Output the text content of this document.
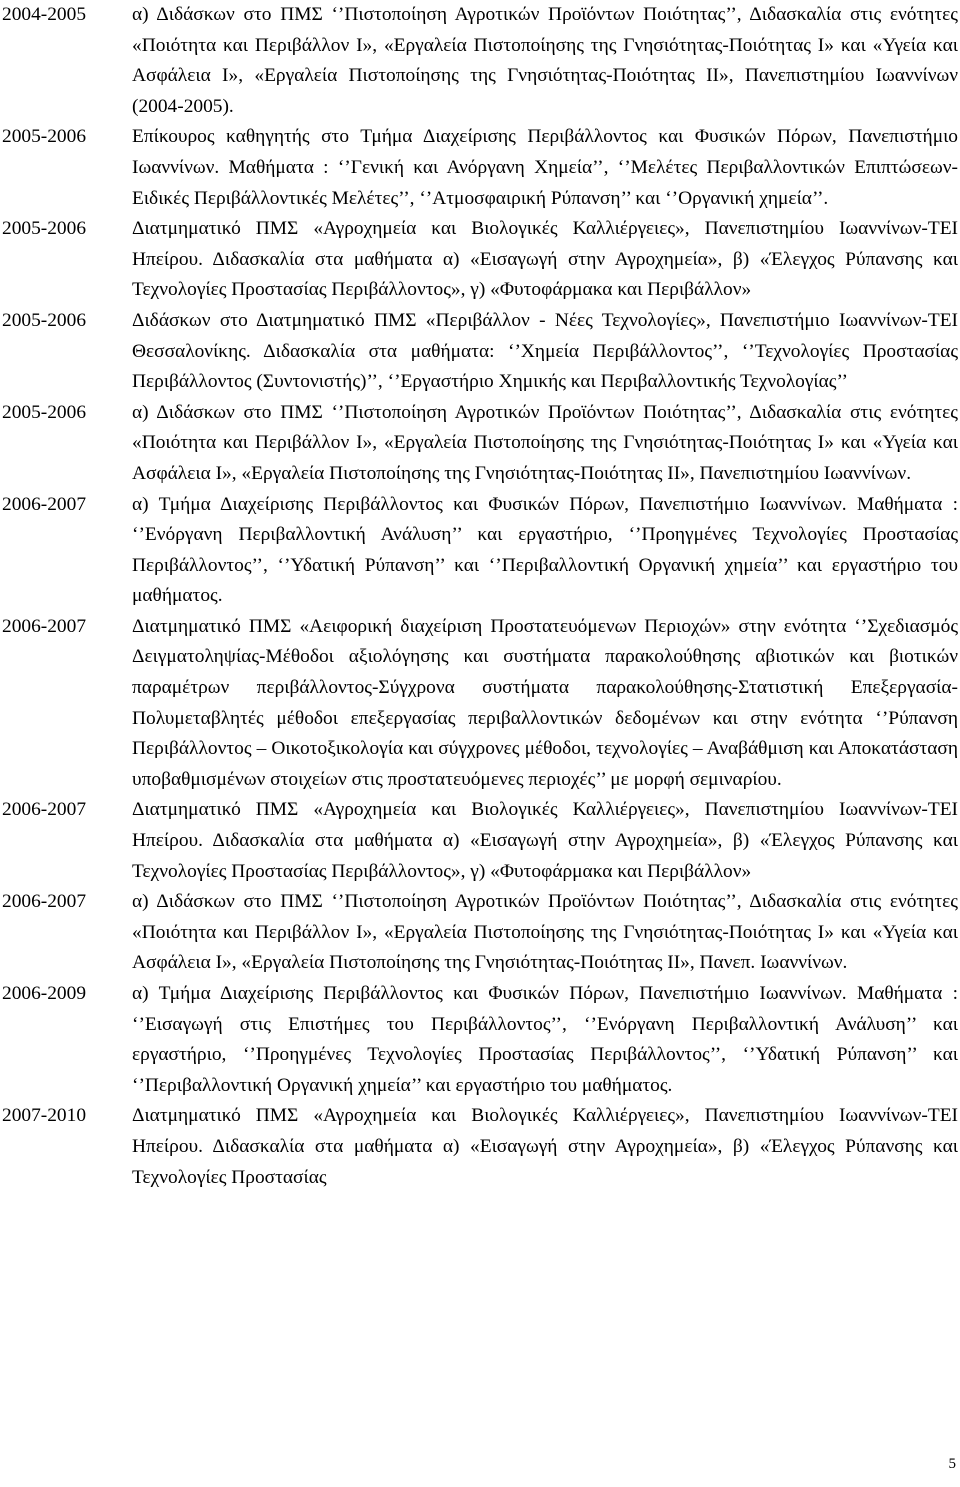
2004-2005	α) Διδάσκων στο ΠΜΣ ‘’Πιστοποίηση Αγροτικών Προϊόντων Ποιότητας’’, Διδασκαλία στις ενότητες «Ποιότητα και Περιβάλλον Ι», «Εργαλεία Πιστοποίησης της Γνησιότητας-Ποιότητας Ι» και «Υγεία και Ασφάλεια Ι», «Εργαλεία Πιστοποίησης της Γνησιότητας-Ποιότητας ΙΙ», Πανεπιστημίου Ιωαννίνων (2004-2005).
2005-2006	Επίκουρος καθηγητής στο Τμήμα Διαχείρισης Περιβάλλοντος και Φυσικών Πόρων, Πανεπιστήμιο Ιωαννίνων. Μαθήματα : ‘’Γενική και Ανόργανη Χημεία’’, ‘’Μελέτες Περιβαλλοντικών Επιπτώσεων-Ειδικές Περιβάλλοντικές Μελέτες’’, ‘’Ατμοσφαιρική Ρύπανση’’ και ‘’Οργανική χημεία’’.
2005-2006	Διατμηματικό ΠΜΣ «Αγροχημεία και Βιολογικές Καλλιέργειες», Πανεπιστημίου Ιωαννίνων-ΤΕΙ Ηπείρου. Διδασκαλία στα μαθήματα α) «Εισαγωγή στην Αγροχημεία», β) «Έλεγχος Ρύπανσης και Τεχνολογίες Προστασίας Περιβάλλοντος», γ) «Φυτοφάρμακα και Περιβάλλον»
2005-2006	Διδάσκων στο Διατμηματικό ΠΜΣ «Περιβάλλον - Νέες Τεχνολογίες», Πανεπιστήμιο Ιωαννίνων-ΤΕΙ Θεσσαλονίκης. Διδασκαλία στα μαθήματα: ‘’Χημεία Περιβάλλοντος’’, ‘’Τεχνολογίες Προστασίας Περιβάλλοντος (Συντονιστής)’’, ‘’Εργαστήριο Χημικής και Περιβαλλοντικής Τεχνολογίας’’
2005-2006	α) Διδάσκων στο ΠΜΣ ‘’Πιστοποίηση Αγροτικών Προϊόντων Ποιότητας’’, Διδασκαλία στις ενότητες «Ποιότητα και Περιβάλλον Ι», «Εργαλεία Πιστοποίησης της Γνησιότητας-Ποιότητας Ι» και «Υγεία και Ασφάλεια Ι», «Εργαλεία Πιστοποίησης της Γνησιότητας-Ποιότητας ΙΙ», Πανεπιστημίου Ιωαννίνων.
2006-2007	α) Τμήμα Διαχείρισης Περιβάλλοντος και Φυσικών Πόρων, Πανεπιστήμιο Ιωαννίνων. Μαθήματα : ‘’Ενόργανη Περιβαλλοντική Ανάλυση’’ και εργαστήριο, ‘’Προηγμένες Τεχνολογίες Προστασίας Περιβάλλοντος’’, ‘’Υδατική Ρύπανση’’ και ‘’Περιβαλλοντική Οργανική χημεία’’ και εργαστήριο του μαθήματος.
2006-2007	Διατμηματικό ΠΜΣ «Αειφορική διαχείριση Προστατευόμενων Περιοχών» στην ενότητα ‘’Σχεδιασμός Δειγματοληψίας-Μέθοδοι αξιολόγησης και συστήματα παρακολούθησης αβιοτικών και βιοτικών παραμέτρων περιβάλλοντος-Σύγχρονα συστήματα παρακολούθησης-Στατιστική Επεξεργασία-Πολυμεταβλητές μέθοδοι επεξεργασίας περιβαλλοντικών δεδομένων και στην ενότητα ‘’Ρύπανση Περιβάλλοντος – Οικοτοξικολογία και σύγχρονες μέθοδοι, τεχνολογίες – Αναβάθμιση και Αποκατάσταση υποβαθμισμένων στοιχείων στις προστατευόμενες περιοχές’’ με μορφή σεμιναρίου.
2006-2007	Διατμηματικό ΠΜΣ «Αγροχημεία και Βιολογικές Καλλιέργειες», Πανεπιστημίου Ιωαννίνων-ΤΕΙ Ηπείρου. Διδασκαλία στα μαθήματα α) «Εισαγωγή στην Αγροχημεία», β) «Έλεγχος Ρύπανσης και Τεχνολογίες Προστασίας Περιβάλλοντος», γ) «Φυτοφάρμακα και Περιβάλλον»
2006-2007	α) Διδάσκων στο ΠΜΣ ‘’Πιστοποίηση Αγροτικών Προϊόντων Ποιότητας’’, Διδασκαλία στις ενότητες «Ποιότητα και Περιβάλλον Ι», «Εργαλεία Πιστοποίησης της Γνησιότητας-Ποιότητας Ι» και «Υγεία και Ασφάλεια Ι», «Εργαλεία Πιστοποίησης της Γνησιότητας-Ποιότητας ΙΙ», Πανεπ. Ιωαννίνων.
2006-2009	α) Τμήμα Διαχείρισης Περιβάλλοντος και Φυσικών Πόρων, Πανεπιστήμιο Ιωαννίνων. Μαθήματα : ‘’Εισαγωγή στις Επιστήμες του Περιβάλλοντος’’, ‘’Ενόργανη Περιβαλλοντική Ανάλυση’’ και εργαστήριο, ‘’Προηγμένες Τεχνολογίες Προστασίας Περιβάλλοντος’’, ‘’Υδατική Ρύπανση’’ και ‘’Περιβαλλοντική Οργανική χημεία’’ και εργαστήριο του μαθήματος.
2007-2010	Διατμηματικό ΠΜΣ «Αγροχημεία και Βιολογικές Καλλιέργειες», Πανεπιστημίου Ιωαννίνων-ΤΕΙ Ηπείρου. Διδασκαλία στα μαθήματα α) «Εισαγωγή στην Αγροχημεία», β) «Έλεγχος Ρύπανσης και Τεχνολογίες Προστασίας
5
